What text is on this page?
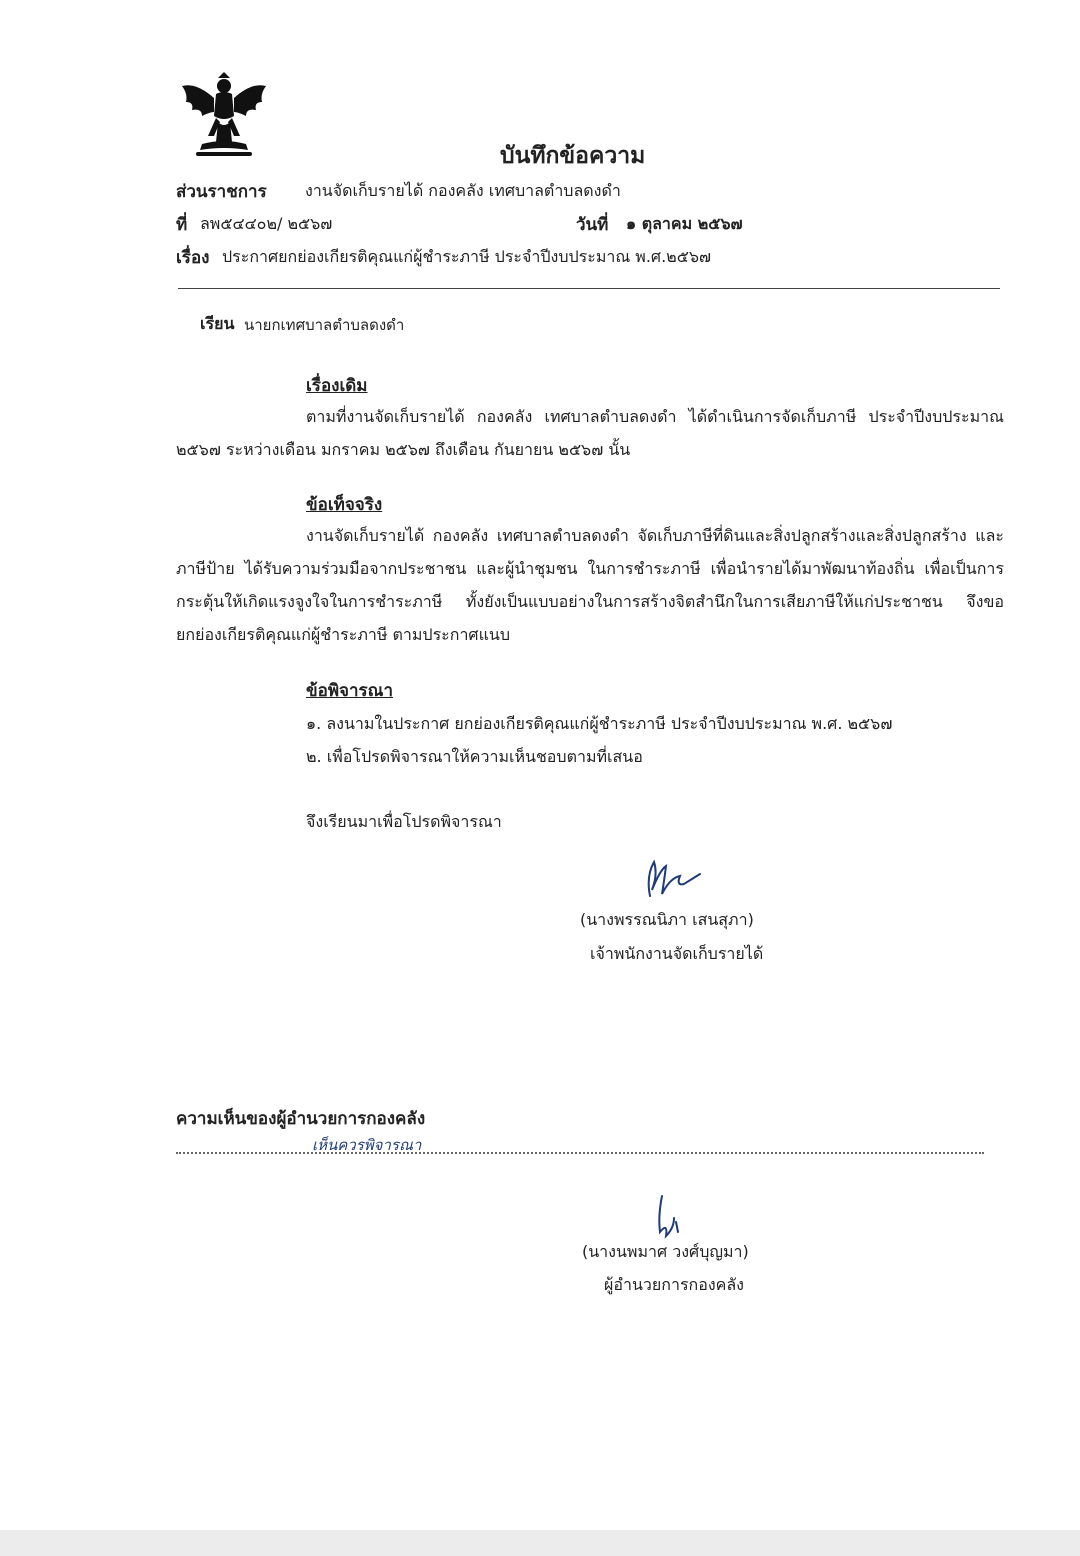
บันทึกข้อความ
ส่วนราชการ งานจัดเก็บรายได้ กองคลัง เทศบาลตำบลดงดำ
ที่ ลพ๕๔๔๐๒/ ๒๕๖๗	วันที่ ๑ ตุลาคม ๒๕๖๗
เรื่อง ประกาศยกย่องเกียรติคุณแก่ผู้ชำระภาษี ประจำปีงบประมาณ พ.ศ.๒๕๖๗
เรียน นายกเทศบาลตำบลดงดำ
เรื่องเดิม
ตามที่งานจัดเก็บรายได้ กองคลัง เทศบาลตำบลดงดำ ได้ดำเนินการจัดเก็บภาษี ประจำปีงบประมาณ ๒๕๖๗ ระหว่างเดือน มกราคม ๒๕๖๗ ถึงเดือน กันยายน ๒๕๖๗ นั้น
ข้อเท็จจริง
งานจัดเก็บรายได้ กองคลัง เทศบาลตำบลดงดำ จัดเก็บภาษีที่ดินและสิ่งปลูกสร้างและสิ่งปลูกสร้าง และภาษีป้าย ได้รับความร่วมมือจากประชาชน และผู้นำชุมชน ในการชำระภาษี เพื่อนำรายได้มาพัฒนาท้องถิ่น เพื่อเป็นการกระตุ้นให้เกิดแรงจูงใจในการชำระภาษี ทั้งยังเป็นแบบอย่างในการสร้างจิตสำนึกในการเสียภาษีให้แก่ประชาชน จึงขอยกย่องเกียรติคุณแก่ผู้ชำระภาษี ตามประกาศแนบ
ข้อพิจารณา
๑. ลงนามในประกาศ ยกย่องเกียรติคุณแก่ผู้ชำระภาษี ประจำปีงบประมาณ พ.ศ. ๒๕๖๗
๒. เพื่อโปรดพิจารณาให้ความเห็นชอบตามที่เสนอ
จึงเรียนมาเพื่อโปรดพิจารณา
(นางพรรณนิภา เสนสุภา)
เจ้าพนักงานจัดเก็บรายได้
ความเห็นของผู้อำนวยการกองคลัง
เห็นควรพิจารณา
(นางนพมาศ วงศ์บุญมา)
ผู้อำนวยการกองคลัง
